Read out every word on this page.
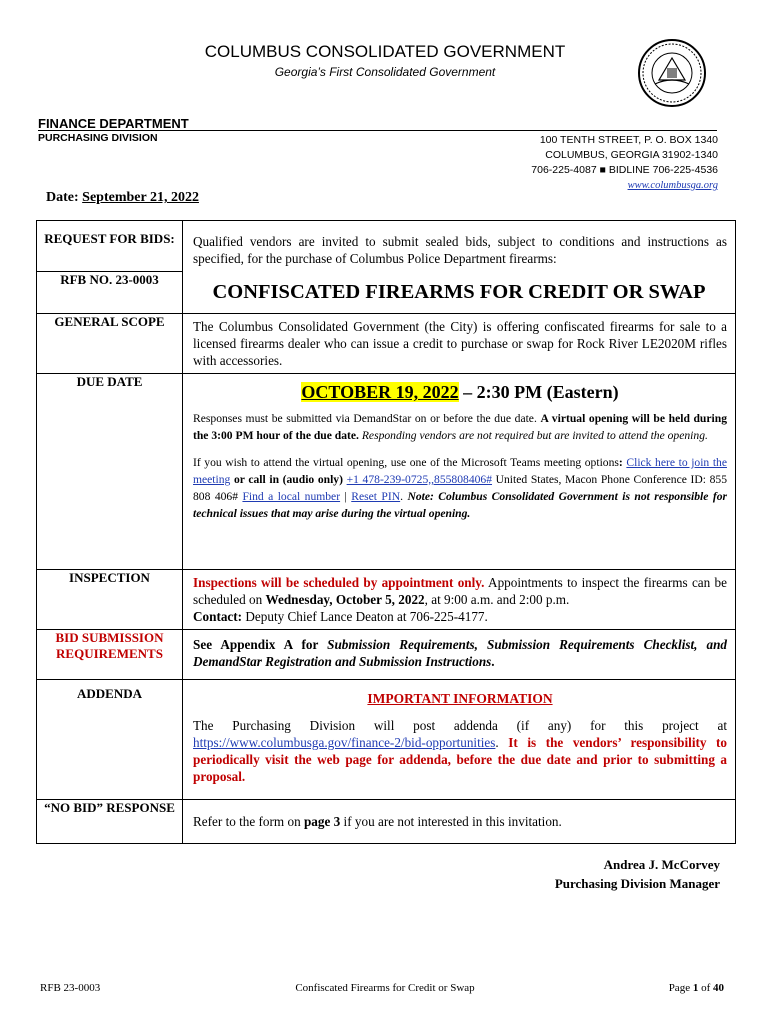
COLUMBUS CONSOLIDATED GOVERNMENT
Georgia’s First Consolidated Government
FINANCE DEPARTMENT
PURCHASING DIVISION	100 TENTH STREET, P. O. BOX 1340
COLUMBUS, GEORGIA 31902-1340
706-225-4087 ■ BIDLINE 706-225-4536
www.columbusga.org
Date: September 21, 2022
REQUEST FOR BIDS:	Qualified vendors are invited to submit sealed bids, subject to conditions and instructions as specified, for the purchase of Columbus Police Department firearms:
RFB NO. 23-0003	CONFISCATED FIREARMS FOR CREDIT OR SWAP

GENERAL SCOPE	The Columbus Consolidated Government (the City) is offering confiscated firearms for sale to a licensed firearms dealer who can issue a credit to purchase or swap for Rock River LE2020M rifles with accessories.
DUE DATE	OCTOBER 19, 2022 – 2:30 PM (Eastern)

Responses must be submitted via DemandStar on or before the due date. A virtual opening will be held during the 3:00 PM hour of the due date. Responding vendors are not required but are invited to attend the opening.

If you wish to attend the virtual opening, use one of the Microsoft Teams meeting options: Click here to join the meeting or call in (audio only) +1 478-239-0725,,855808406# United States, Macon Phone Conference ID: 855 808 406# Find a local number | Reset PIN. Note: Columbus Consolidated Government is not responsible for technical issues that may arise during the virtual opening.

INSPECTION	Inspections will be scheduled by appointment only. Appointments to inspect the firearms can be scheduled on Wednesday, October 5, 2022, at 9:00 a.m. and 2:00 p.m.
Contact: Deputy Chief Lance Deaton at 706-225-4177.
BID SUBMISSION REQUIREMENTS	See Appendix A for Submission Requirements, Submission Requirements Checklist, and DemandStar Registration and Submission Instructions.
ADDENDA	IMPORTANT INFORMATION

The Purchasing Division will post addenda (if any) for this project at https://www.columbusga.gov/finance-2/bid-opportunities. It is the vendors’ responsibility to periodically visit the web page for addenda, before the due date and prior to submitting a proposal.

“NO BID” RESPONSE	Refer to the form on page 3 if you are not interested in this invitation.
Andrea J. McCorvey
Purchasing Division Manager
RFB 23-0003	Confiscated Firearms for Credit or Swap	Page 1 of 40
